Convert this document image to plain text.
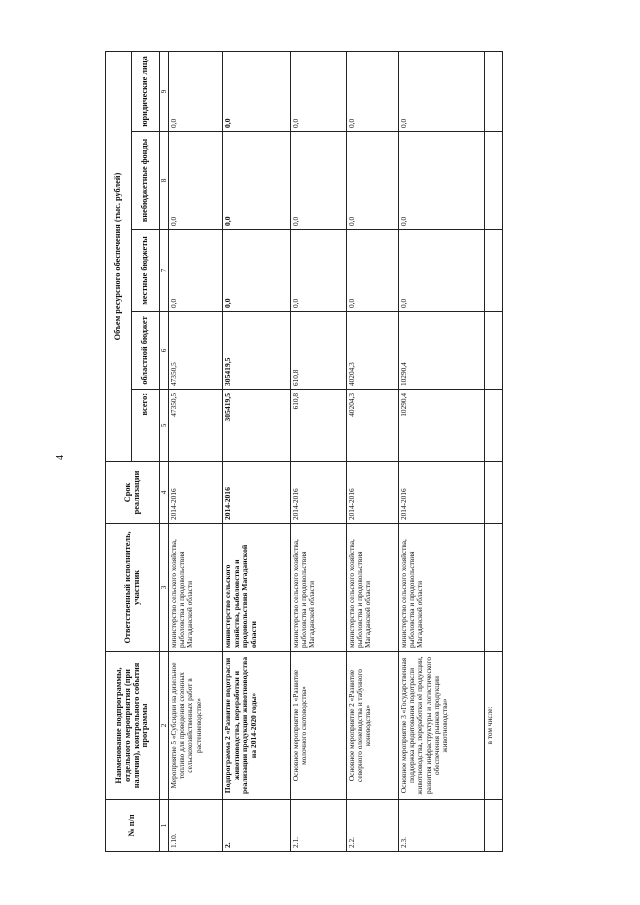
4
№ п/п	Наименование подпрограммы, отдельного мероприятия (при наличии), контрольного события программы	Ответственный исполнитель, участник	Срок реализации	Объем ресурсного обеспечения (тыс. рублей)				
				всего:	областной бюджет	местные бюджеты	внебюджетные фонды	юридические лица
1	2	3	4	5	6	7	8	9
1.10.	Мероприятие 5 «Субсидии на дизельное топливо для проведения сезонных сельскохозяйственных работ в растениеводстве»	министерство сельского хозяйства, рыболовства и продовольствия Магаданской области	2014-2016	47350,5	47350,5	0,0	0,0	0,0
2.	Подпрограмма 2 «Развитие подотрасли животноводства, переработки и реализации продукции животноводства на 2014-2020 годы»	министерство сельского хозяйства, рыболовства и продовольствия Магаданской области	2014-2016	305419,5	305419,5	0,0	0,0	0,0
2.1.	Основное мероприятие 1 «Развитие молочного скотоводства»	министерство сельского хозяйства, рыболовства и продовольствия Магаданской области	2014-2016	610,8	610,8	0,0	0,0	0,0
2.2.	Основное мероприятие 2 «Развитие северного оленеводства и табунного коневодства»	министерство сельского хозяйства, рыболовства и продовольствия Магаданской области	2014-2016	40204,3	40204,3	0,0	0,0	0,0
2.3.	Основное мероприятие 3 «Государственная поддержка кредитования подотрасли животноводства, переработки её продукции, развития инфраструктуры и логистического обеспечения рынков продукции животноводства»	министерство сельского хозяйства, рыболовства и продовольствия Магаданской области	2014-2016	10290,4	10290,4	0,0	0,0	0,0
	в том числе:							
